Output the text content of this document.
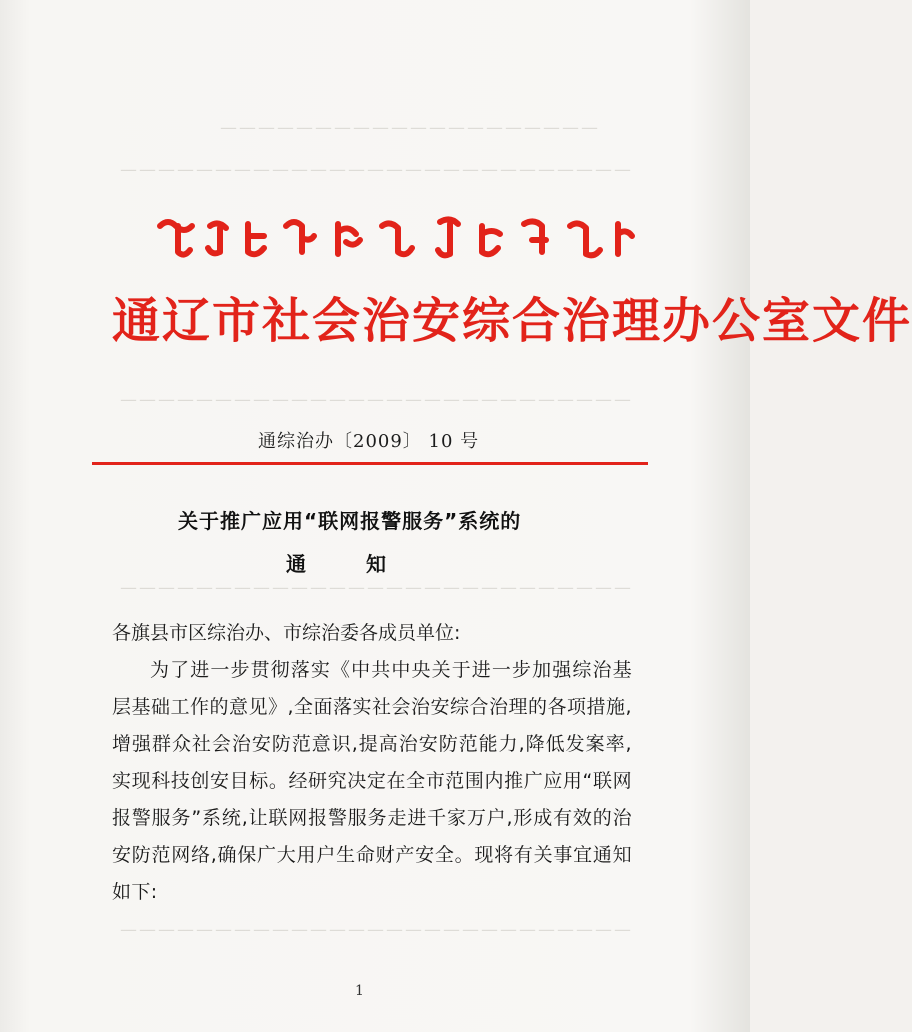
————————————————————
———————————————————————————
———————————————————————————
———————————————————————————
———————————————————————————
通辽市社会治安综合治理办公室文件
通综治办〔2009〕 10 号
关于推广应用“联网报警服务”系统的
通知

各旗县市区综治办、市综治委各成员单位:

为了进一步贯彻落实《中共中央关于进一步加强综治基层基础工作的意见》,全面落实社会治安综合治理的各项措施,增强群众社会治安防范意识,提高治安防范能力,降低发案率,实现科技创安目标。经研究决定在全市范围内推广应用“联网报警服务”系统,让联网报警服务走进千家万户,形成有效的治安防范网络,确保广大用户生命财产安全。现将有关事宜通知如下:

1
